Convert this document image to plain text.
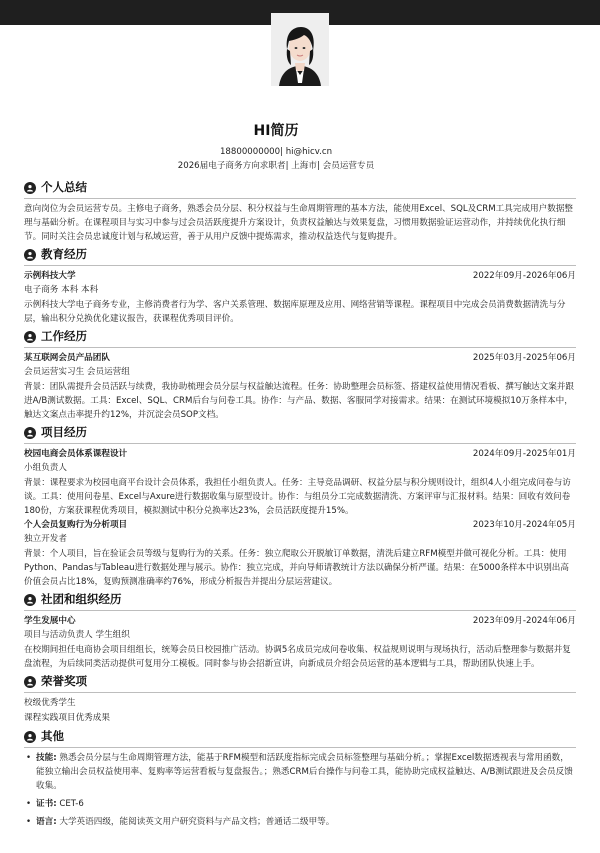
HI简历
18800000000| hi@hicv.cn
2026届电子商务方向求职者| 上海市| 会员运营专员
个人总结
意向岗位为会员运营专员。主修电子商务，熟悉会员分层、积分权益与生命周期管理的基本方法，能使用Excel、SQL及CRM工具完成用户数据整理与基础分析。在课程项目与实习中参与过会员活跃度提升方案设计，负责权益触达与效果复盘，习惯用数据验证运营动作，并持续优化执行细节。同时关注会员忠诚度计划与私域运营，善于从用户反馈中提炼需求，推动权益迭代与复购提升。
教育经历
示例科技大学	2022年09月-2026年06月
电子商务 本科 本科
示例科技大学电子商务专业，主修消费者行为学、客户关系管理、数据库原理及应用、网络营销等课程。课程项目中完成会员消费数据清洗与分层，输出积分兑换优化建议报告，获课程优秀项目评价。
工作经历
某互联网会员产品团队	2025年03月-2025年06月
会员运营实习生 会员运营组
背景：团队需提升会员活跃与续费，我协助梳理会员分层与权益触达流程。任务：协助整理会员标签、搭建权益使用情况看板、撰写触达文案并跟进A/B测试数据。工具：Excel、SQL、CRM后台与问卷工具。协作：与产品、数据、客服同学对接需求。结果：在测试环境模拟10万条样本中，触达文案点击率提升约12%，并沉淀会员SOP文档。
项目经历
校园电商会员体系课程设计	2024年09月-2025年01月
小组负责人
背景：课程要求为校园电商平台设计会员体系，我担任小组负责人。任务：主导竞品调研、权益分层与积分规则设计，组织4人小组完成问卷与访谈。工具：使用问卷星、Excel与Axure进行数据收集与原型设计。协作：与组员分工完成数据清洗、方案评审与汇报材料。结果：回收有效问卷180份，方案获课程优秀项目，模拟测试中积分兑换率达23%，会员活跃度提升15%。
个人会员复购行为分析项目	2023年10月-2024年05月
独立开发者
背景：个人项目，旨在验证会员等级与复购行为的关系。任务：独立爬取公开脱敏订单数据，清洗后建立RFM模型并做可视化分析。工具：使用Python、Pandas与Tableau进行数据处理与展示。协作：独立完成，并向导师请教统计方法以确保分析严谨。结果：在5000条样本中识别出高价值会员占比18%，复购预测准确率约76%，形成分析报告并提出分层运营建议。
社团和组织经历
学生发展中心	2023年09月-2024年06月
项目与活动负责人 学生组织
在校期间担任电商协会项目组组长，统筹会员日校园推广活动。协调5名成员完成问卷收集、权益规则说明与现场执行，活动后整理参与数据并复盘流程，为后续同类活动提供可复用分工模板。同时参与协会招新宣讲，向新成员介绍会员运营的基本逻辑与工具，帮助团队快速上手。
荣誉奖项
校级优秀学生
课程实践项目优秀成果
其他
• 技能: 熟悉会员分层与生命周期管理方法，能基于RFM模型和活跃度指标完成会员标签整理与基础分析。；掌握Excel数据透视表与常用函数，能独立输出会员权益使用率、复购率等运营看板与复盘报告。；熟悉CRM后台操作与问卷工具，能协助完成权益触达、A/B测试跟进及会员反馈收集。
• 证书: CET-6
• 语言: 大学英语四级，能阅读英文用户研究资料与产品文档；普通话二级甲等。
